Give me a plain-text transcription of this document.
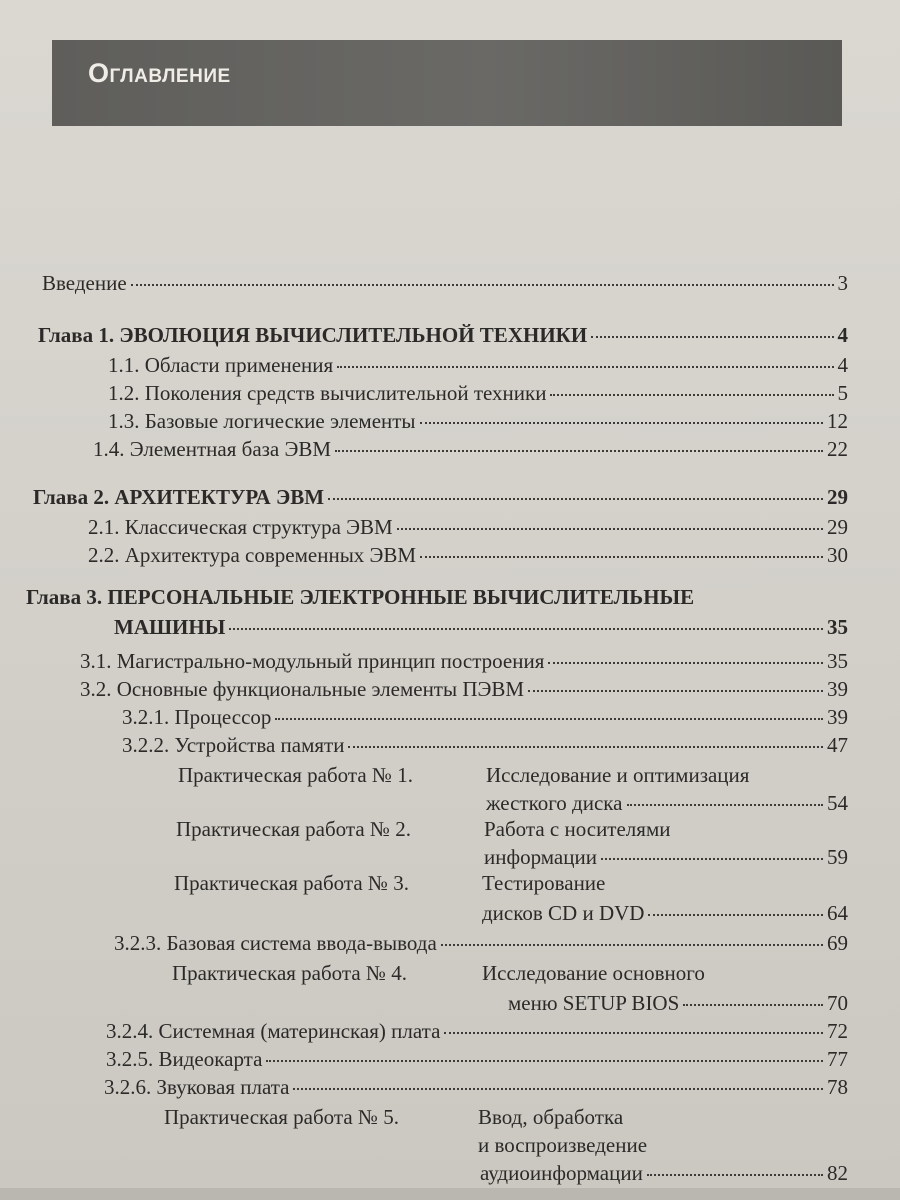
Оглавление
Введение	3
Глава 1. ЭВОЛЮЦИЯ ВЫЧИСЛИТЕЛЬНОЙ ТЕХНИКИ	4
1.1. Области применения	4
1.2. Поколения средств вычислительной техники	5
1.3. Базовые логические элементы	12
1.4. Элементная база ЭВМ	22
Глава 2. АРХИТЕКТУРА ЭВМ	29
2.1. Классическая структура ЭВМ	29
2.2. Архитектура современных ЭВМ	30
Глава 3. ПЕРСОНАЛЬНЫЕ ЭЛЕКТРОННЫЕ ВЫЧИСЛИТЕЛЬНЫЕ
МАШИНЫ	35
3.1. Магистрально-модульный принцип построения	35
3.2. Основные функциональные элементы ПЭВМ	39
3.2.1. Процессор	39
3.2.2. Устройства памяти	47
Практическая работа № 1.	Исследование и оптимизация
жесткого диска	54
Практическая работа № 2.	Работа с носителями
информации	59
Практическая работа № 3.	Тестирование
дисков CD и DVD	64
3.2.3. Базовая система ввода-вывода	69
Практическая работа № 4.	Исследование основного
меню SETUP BIOS	70
3.2.4. Системная (материнская) плата	72
3.2.5. Видеокарта	77
3.2.6. Звуковая плата	78
Практическая работа № 5.	Ввод, обработка
и воспроизведение
аудиоинформации	82
